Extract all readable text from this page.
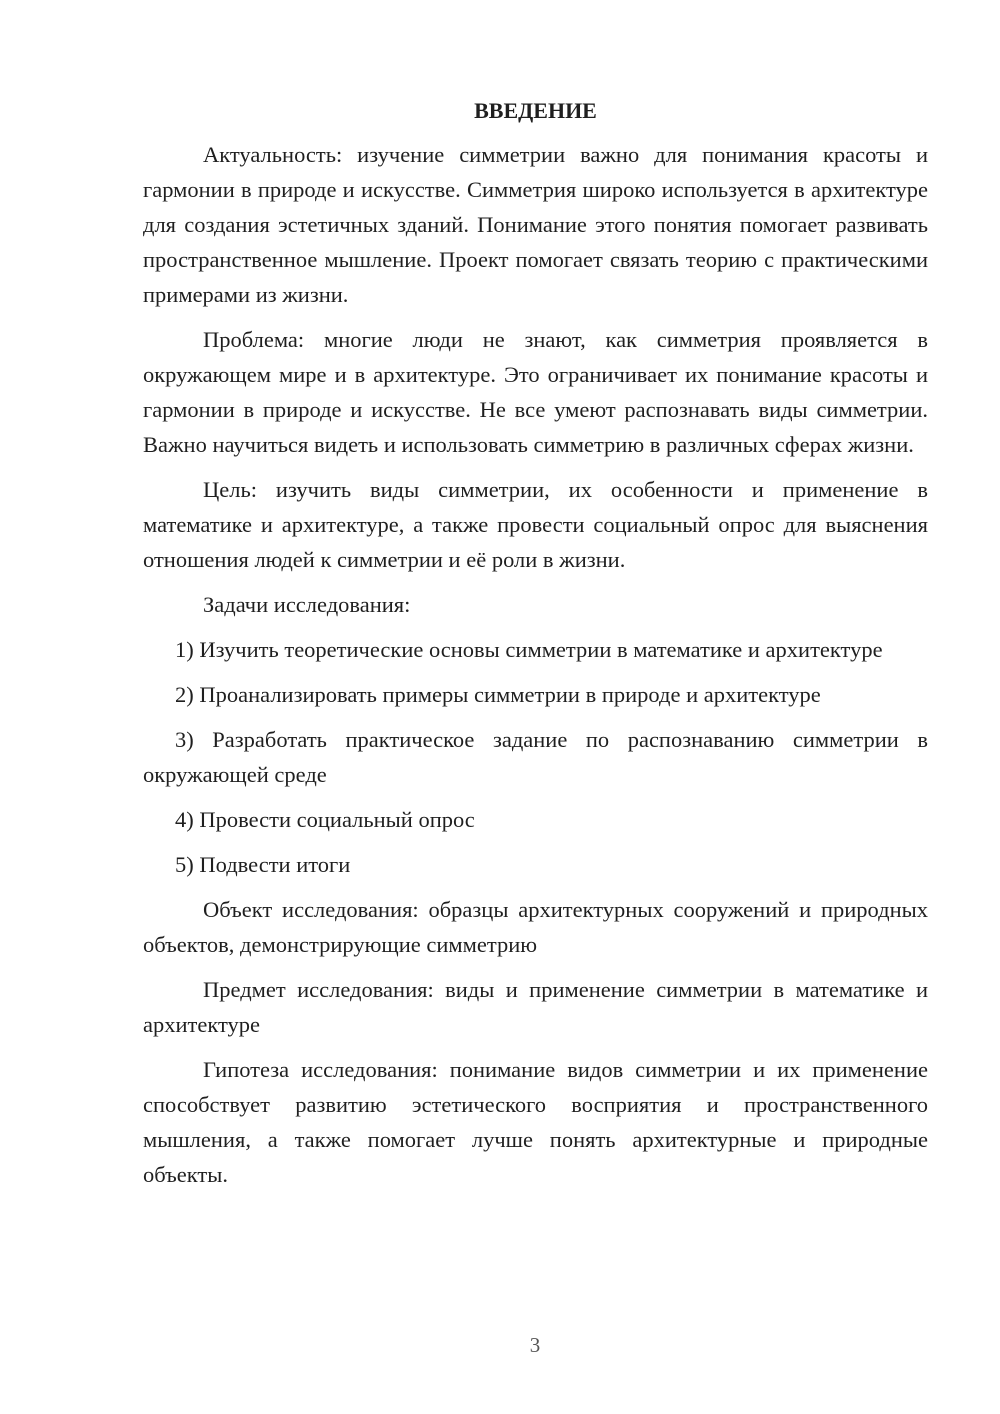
ВВЕДЕНИЕ

Актуальность: изучение симметрии важно для понимания красоты и гармонии в природе и искусстве. Симметрия широко используется в архитектуре для создания эстетичных зданий. Понимание этого понятия помогает развивать пространственное мышление. Проект помогает связать теорию с практическими примерами из жизни.

Проблема: многие люди не знают, как симметрия проявляется в окружающем мире и в архитектуре. Это ограничивает их понимание красоты и гармонии в природе и искусстве. Не все умеют распознавать виды симметрии. Важно научиться видеть и использовать симметрию в различных сферах жизни.

Цель: изучить виды симметрии, их особенности и применение в математике и архитектуре, а также провести социальный опрос для выяснения отношения людей к симметрии и её роли в жизни.

Задачи исследования:

1) Изучить теоретические основы симметрии в математике и архитектуре

2) Проанализировать примеры симметрии в природе и архитектуре

3) Разработать практическое задание по распознаванию симметрии в окружающей среде

4) Провести социальный опрос

5) Подвести итоги

Объект исследования: образцы архитектурных сооружений и природных объектов, демонстрирующие симметрию

Предмет исследования: виды и применение симметрии в математике и архитектуре

Гипотеза исследования: понимание видов симметрии и их применение способствует развитию эстетического восприятия и пространственного мышления, а также помогает лучше понять архитектурные и природные объекты.

3
